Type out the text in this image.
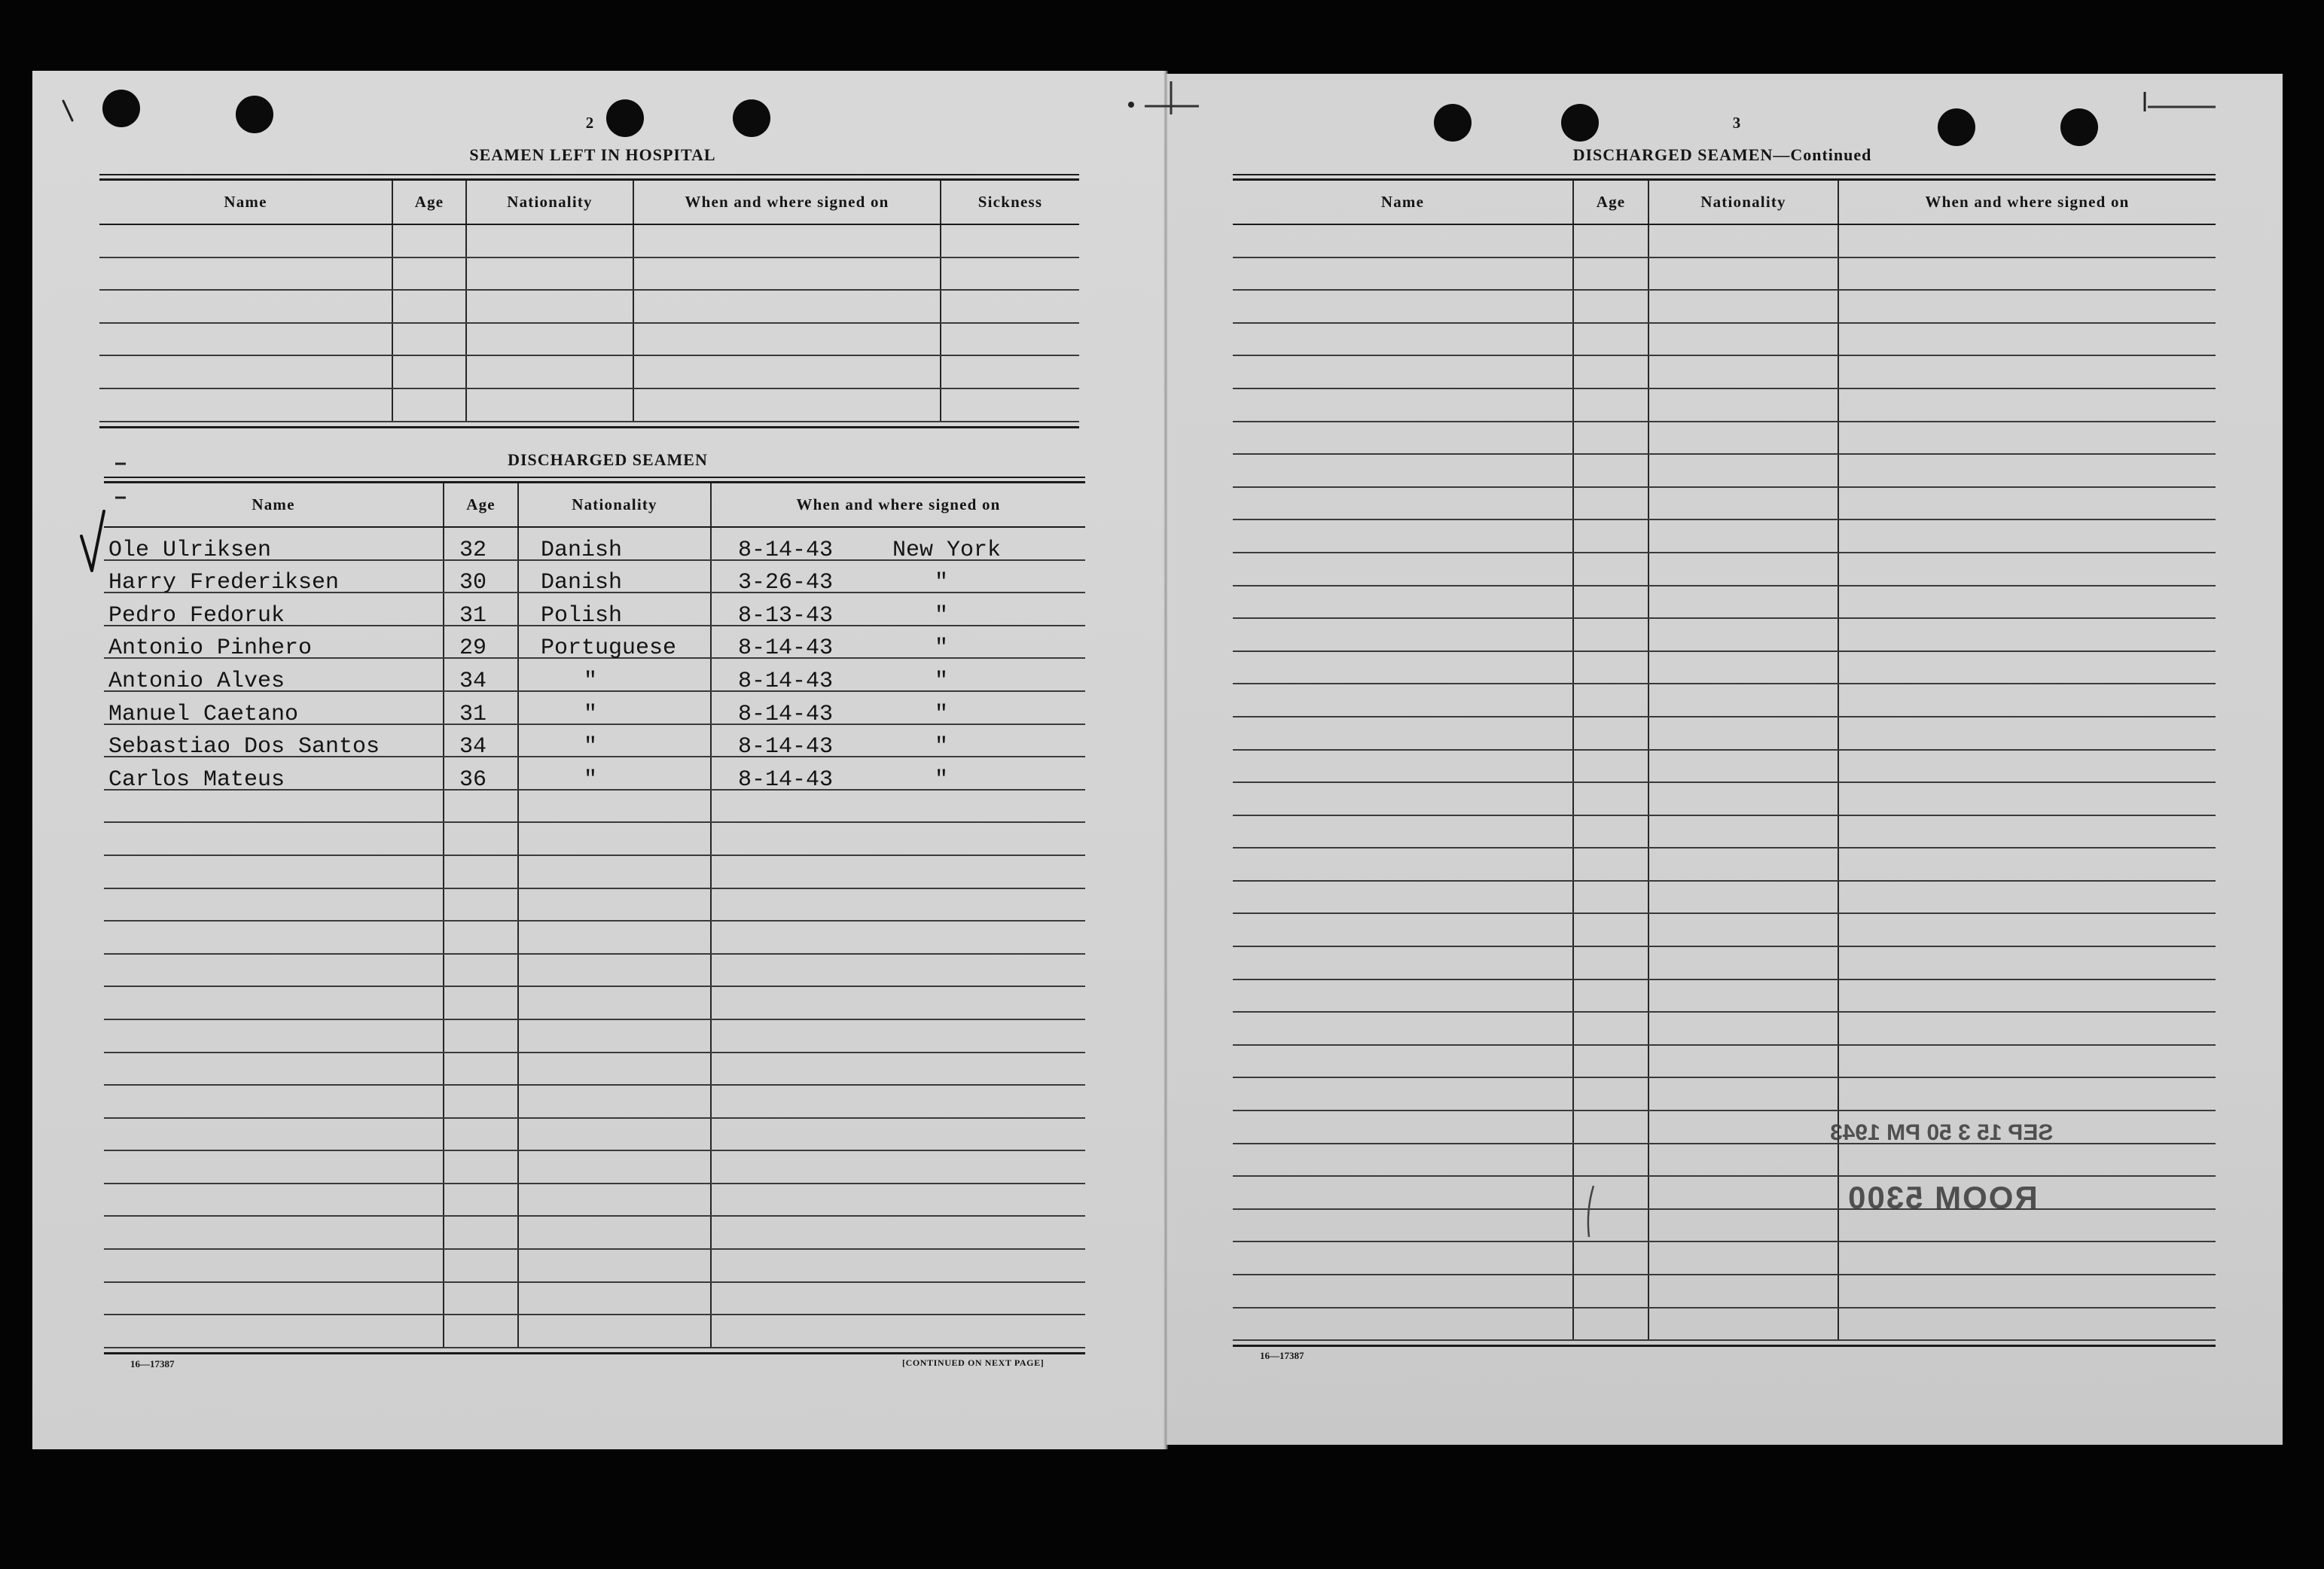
2
SEAMEN LEFT IN HOSPITAL
Name	Age	Nationality	When and where signed on	Sickness
DISCHARGED SEAMEN
Name	Age	Nationality	When and where signed on
Ole Ulriksen	32 Danish	8-14-43	New York
Harry Frederiksen	30 Danish	3-26-43	"
Pedro Fedoruk	31 Polish	8-13-43	"
Antonio Pinhero	29 Portuguese	8-14-43	"
Antonio Alves	34	"	8-14-43	"
Manuel Caetano	31	"	8-14-43	"
Sebastiao Dos Santos	34	"	8-14-43	"
Carlos Mateus	36	"	8-14-43	"
16—17387	[CONTINUED ON NEXT PAGE]
3
DISCHARGED SEAMEN—Continued
Name	Age	Nationality	When and where signed on
SEP 15 3 50 PM 1943
ROOM 5300
16—17387
